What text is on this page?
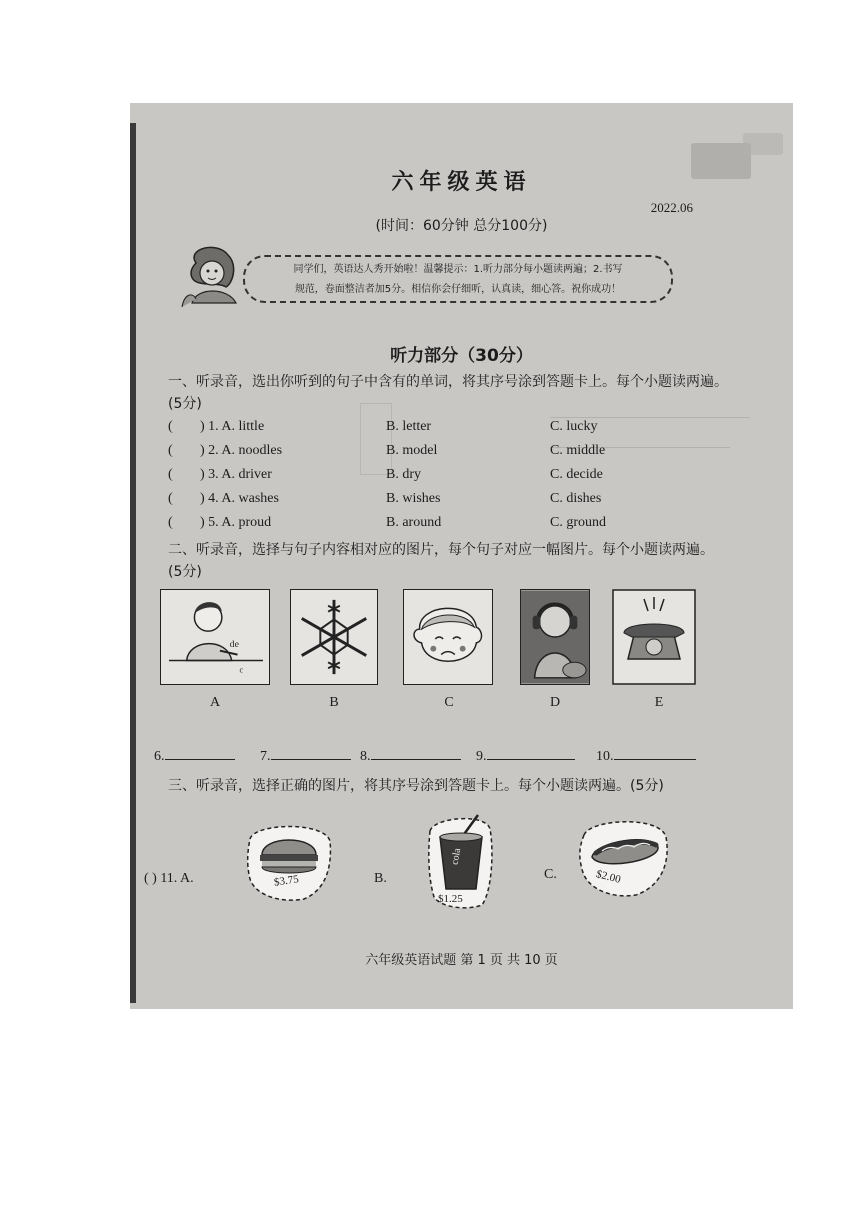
六年级英语
2022.06
(时间：60分钟 总分100分)
同学们，英语达人秀开始啦！温馨提示：1.听力部分每小题读两遍；2.书写
规范，卷面整洁者加5分。相信你会仔细听，认真读，细心答。祝你成功！
听力部分（30分）
一、听录音，选出你听到的句子中含有的单词，将其序号涂到答题卡上。每个小题读两遍。(5分)
( ) 1. A. little	B. letter	C. lucky
( ) 2. A. noodles	B. model	C. middle
( ) 3. A. driver	B. dry	C. decide
( ) 4. A. washes	B. wishes	C. dishes
( ) 5. A. proud	B. around	C. ground
二、听录音，选择与句子内容相对应的图片，每个句子对应一幅图片。每个小题读两遍。(5分)
de
c
A	B	C	D	E
6.	7.	8.	9.	10.
三、听录音，选择正确的图片，将其序号涂到答题卡上。每个小题读两遍。(5分)
( ) 11. A.	$3.75	B.
cola
$1.25
C.	$2.00
六年级英语试题 第 1 页 共 10 页
